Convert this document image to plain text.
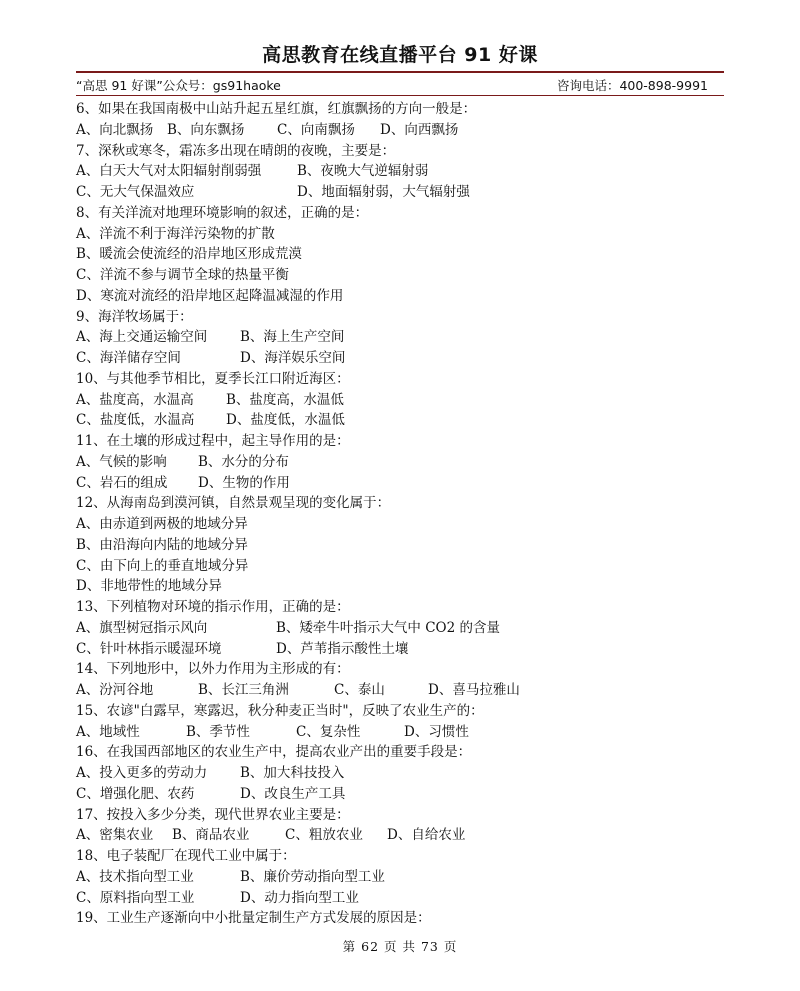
高思教育在线直播平台 91 好课
“高思 91 好课”公众号：gs91haoke	咨询电话：400-898-9991
6、如果在我国南极中山站升起五星红旗，红旗飘扬的方向一般是：
A、向北飘扬 B、向东飘扬 C、向南飘扬 D、向西飘扬
7、深秋或寒冬，霜冻多出现在晴朗的夜晚，主要是：
A、白天大气对太阳辐射削弱强	B、夜晚大气逆辐射弱
C、无大气保温效应	D、地面辐射弱，大气辐射强
8、有关洋流对地理环境影响的叙述，正确的是：
A、洋流不利于海洋污染物的扩散
B、暖流会使流经的沿岸地区形成荒漠
C、洋流不参与调节全球的热量平衡
D、寒流对流经的沿岸地区起降温减湿的作用
9、海洋牧场属于：
A、海上交通运输空间 B、海上生产空间
C、海洋储存空间	D、海洋娱乐空间
10、与其他季节相比，夏季长江口附近海区：
A、盐度高，水温高 B、盐度高，水温低
C、盐度低，水温高 D、盐度低，水温低
11、在土壤的形成过程中，起主导作用的是：
A、气候的影响 B、水分的分布
C、岩石的组成 D、生物的作用
12、从海南岛到漠河镇，自然景观呈现的变化属于：
A、由赤道到两极的地域分异
B、由沿海向内陆的地域分异
C、由下向上的垂直地域分异
D、非地带性的地域分异
13、下列植物对环境的指示作用，正确的是：
A、旗型树冠指示风向	B、矮牵牛叶指示大气中 CO2 的含量
C、针叶林指示暖湿环境	D、芦苇指示酸性土壤
14、下列地形中，以外力作用为主形成的有：
A、汾河谷地	B、长江三角洲	C、泰山	D、喜马拉雅山
15、农谚"白露早，寒露迟，秋分种麦正当时"，反映了农业生产的：
A、地域性	B、季节性	C、复杂性	D、习惯性
16、在我国西部地区的农业生产中，提高农业产出的重要手段是：
A、投入更多的劳动力 B、加大科技投入
C、增强化肥、农药	D、改良生产工具
17、按投入多少分类，现代世界农业主要是：
A、密集农业 B、商品农业	C、粗放农业 D、自给农业
18、电子装配厂在现代工业中属于：
A、技术指向型工业	B、廉价劳动指向型工业
C、原料指向型工业	D、动力指向型工业
19、工业生产逐渐向中小批量定制生产方式发展的原因是：
第 62 页 共 73 页
